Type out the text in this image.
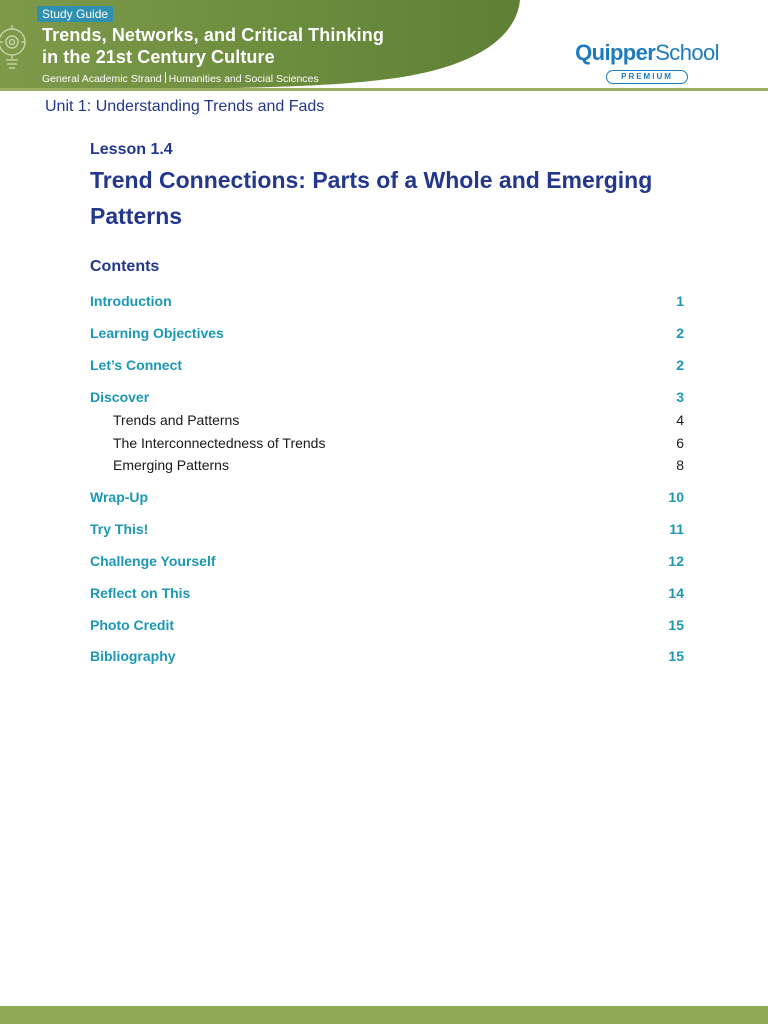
Study Guide
Trends, Networks, and Critical Thinking
in the 21st Century Culture
General Academic Strand Humanities and Social Sciences
QuipperSchool
PREMIUM
Unit 1: Understanding Trends and Fads
Lesson 1.4
Trend Connections: Parts of a Whole and Emerging Patterns
Contents
Introduction	1
Learning Objectives	2
Let’s Connect	2
Discover	3
Trends and Patterns	4
The Interconnectedness of Trends	6
Emerging Patterns	8
Wrap-Up	10
Try This!	11
Challenge Yourself	12
Reflect on This	14
Photo Credit	15
Bibliography	15
